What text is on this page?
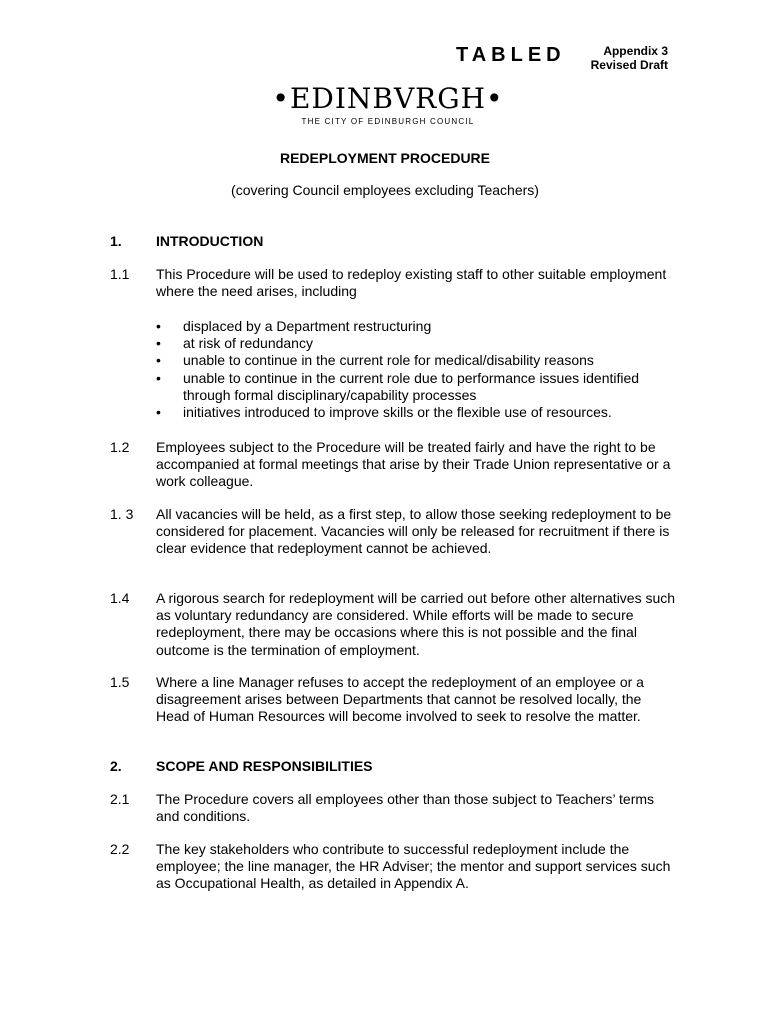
TABLED	Appendix 3
Revised Draft
•EDINBVRGH•
THE CITY OF EDINBURGH COUNCIL
REDEPLOYMENT PROCEDURE
(covering Council employees excluding Teachers)
1. INTRODUCTION
1.1 This Procedure will be used to redeploy existing staff to other suitable employment where the need arises, including
• displaced by a Department restructuring
• at risk of redundancy
• unable to continue in the current role for medical/disability reasons
• unable to continue in the current role due to performance issues identified through formal disciplinary/capability processes
• initiatives introduced to improve skills or the flexible use of resources.
1.2 Employees subject to the Procedure will be treated fairly and have the right to be accompanied at formal meetings that arise by their Trade Union representative or a work colleague.
1. 3 All vacancies will be held, as a first step, to allow those seeking redeployment to be considered for placement. Vacancies will only be released for recruitment if there is clear evidence that redeployment cannot be achieved.
1.4 A rigorous search for redeployment will be carried out before other alternatives such as voluntary redundancy are considered. While efforts will be made to secure redeployment, there may be occasions where this is not possible and the final outcome is the termination of employment.
1.5 Where a line Manager refuses to accept the redeployment of an employee or a disagreement arises between Departments that cannot be resolved locally, the Head of Human Resources will become involved to seek to resolve the matter.
2. SCOPE AND RESPONSIBILITIES
2.1 The Procedure covers all employees other than those subject to Teachers’ terms and conditions.
2.2 The key stakeholders who contribute to successful redeployment include the employee; the line manager, the HR Adviser; the mentor and support services such as Occupational Health, as detailed in Appendix A.
